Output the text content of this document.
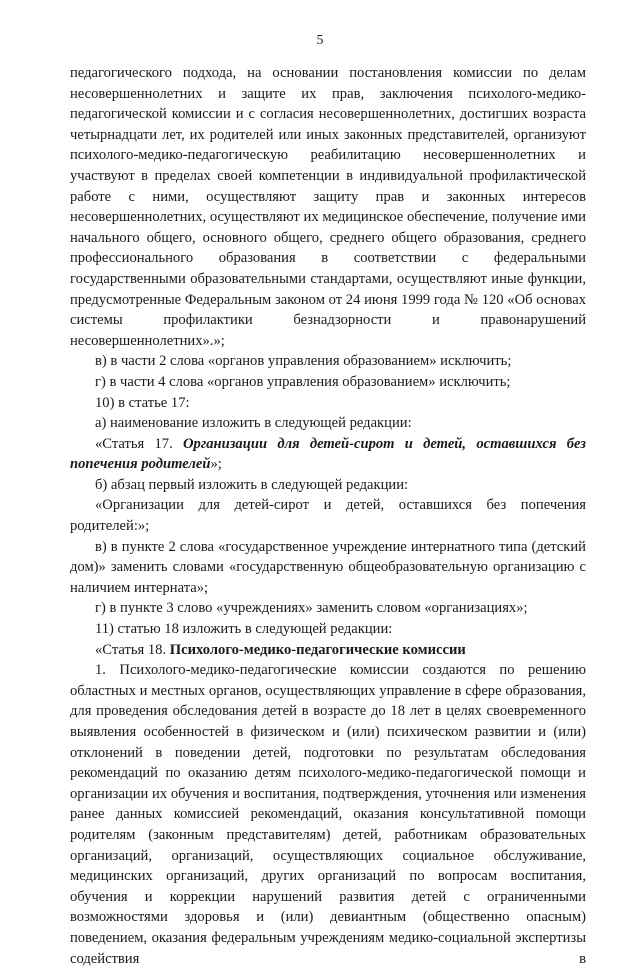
5

педагогического подхода, на основании постановления комиссии по делам несовершеннолетних и защите их прав, заключения психолого-медико-педагогической комиссии и с согласия несовершеннолетних, достигших возраста четырнадцати лет, их родителей или иных законных представителей, организуют психолого-медико-педагогическую реабилитацию несовершеннолетних и участвуют в пределах своей компетенции в индивидуальной профилактической работе с ними, осуществляют защиту прав и законных интересов несовершеннолетних, осуществляют их медицинское обеспечение, получение ими начального общего, основного общего, среднего общего образования, среднего профессионального образования в соответствии с федеральными государственными образовательными стандартами, осуществляют иные функции, предусмотренные Федеральным законом от 24 июня 1999 года № 120 «Об основах системы профилактики безнадзорности и правонарушений несовершеннолетних».»;

в) в части 2 слова «органов управления образованием» исключить;

г) в части 4 слова «органов управления образованием» исключить;

10) в статье 17:

а) наименование изложить в следующей редакции:

«Статья 17. Организации для детей-сирот и детей, оставшихся без попечения родителей»;

б) абзац первый изложить в следующей редакции:

«Организации для детей-сирот и детей, оставшихся без попечения родителей:»;

в) в пункте 2 слова «государственное учреждение интернатного типа (детский дом)» заменить словами «государственную общеобразовательную организацию с наличием интерната»;

г) в пункте 3 слово «учреждениях» заменить словом «организациях»;

11) статью 18 изложить в следующей редакции:

«Статья 18. Психолого-медико-педагогические комиссии

1. Психолого-медико-педагогические комиссии создаются по решению областных и местных органов, осуществляющих управление в сфере образования, для проведения обследования детей в возрасте до 18 лет в целях своевременного выявления особенностей в физическом и (или) психическом развитии и (или) отклонений в поведении детей, подготовки по результатам обследования рекомендаций по оказанию детям психолого-медико-педагогической помощи и организации их обучения и воспитания, подтверждения, уточнения или изменения ранее данных комиссией рекомендаций, оказания консультативной помощи родителям (законным представителям) детей, работникам образовательных организаций, организаций, осуществляющих социальное обслуживание, медицинских организаций, других организаций по вопросам воспитания, обучения и коррекции нарушений развития детей с ограниченными возможностями здоровья и (или) девиантным (общественно опасным) поведением, оказания федеральным учреждениям медико-социальной экспертизы содействия в
